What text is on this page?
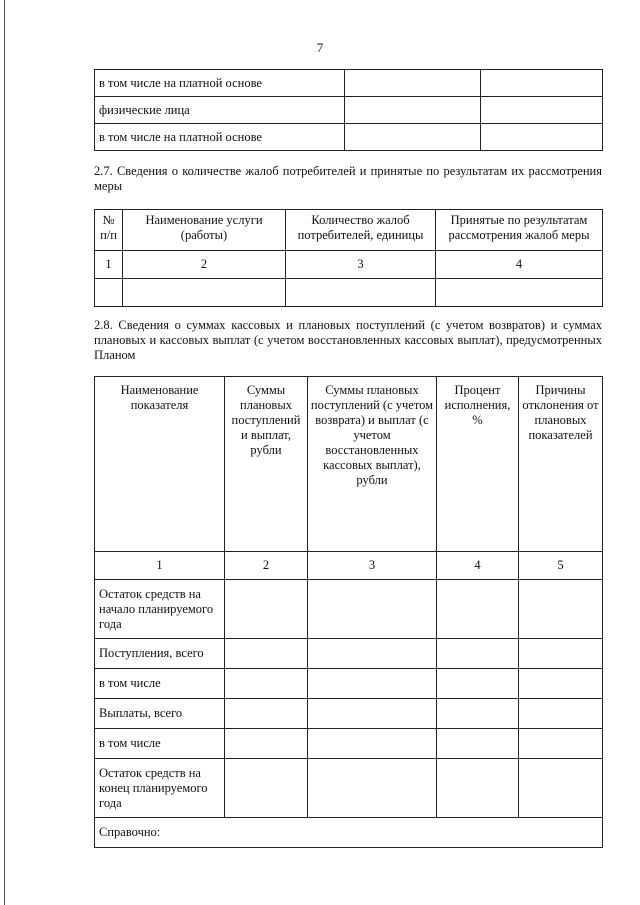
7
в том числе на платной основе		
физические лица		
в том числе на платной основе		
2.7. Сведения о количестве жалоб потребителей и принятые по результатам их рассмотрения меры
№ п/п	Наименование услуги (работы)	Количество жалоб потребителей, единицы	Принятые по результатам рассмотрения жалоб меры
1	2	3	4

2.8. Сведения о суммах кассовых и плановых поступлений (с учетом возвратов) и суммах плановых и кассовых выплат (с учетом восстановленных кассовых выплат), предусмотренных Планом
Наименование показателя	Суммы плановых поступлений и выплат, рубли	Суммы плановых поступлений (с учетом возврата) и выплат (с учетом восстановленных кассовых выплат), рубли	Процент исполнения, %	Причины отклонения от плановых показателей
1	2	3	4	5
Остаток средств на начало планируемого года				
Поступления, всего				
в том числе				
Выплаты, всего				
в том числе				
Остаток средств на конец планируемого года				
Справочно:				
